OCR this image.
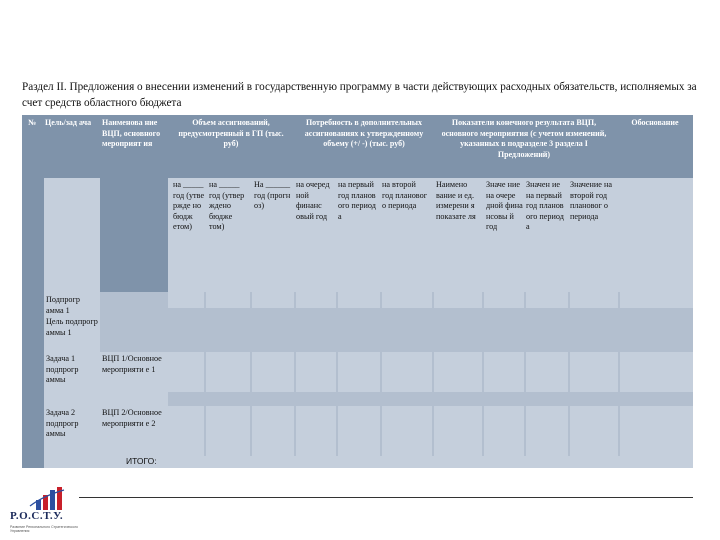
Раздел II. Предложения о внесении изменений в государственную программу в части действующих расходных обязательств, исполняемых за счет средств областного бюджета
№	Цель/зад ача	Наименова ние ВЦП, основного мероприят ия
Объем ассигнований, предусмотренный в ГП (тыс. руб)
Потребность в дополнительных ассигнованиях к утвержденному объему (+/ -) (тыс. руб)
Показатели конечного результата ВЦП, основного мероприятия (с учетом изменений, указанных в подразделе 3 раздела I Предложений)
Обоснование
на _____ год (утве ржде но бюдж етом)
на _____ год (утвер ждено бюдже том)
На ______ год (прогн оз)
на очеред ной финанс овый год
на первый год планов ого период а
на второй год плановог о периода
Наимено вание и ед. измерени я показате ля
Значе ние на очере дной фина нсовы й год
Значен ие на первый год планов ого период а
Значение на второй год плановог о периода
Подпрогр амма 1
Цель подпрогр аммы 1
Задача 1 подпрогр аммы
ВЦП 1/Основное мероприяти е 1
Задача 2 подпрогр аммы
ВЦП 2/Основное мероприяти е 2
ИТОГО:
Р.О.С.Т.У.
Развитие Регионального Стратегического Управления
